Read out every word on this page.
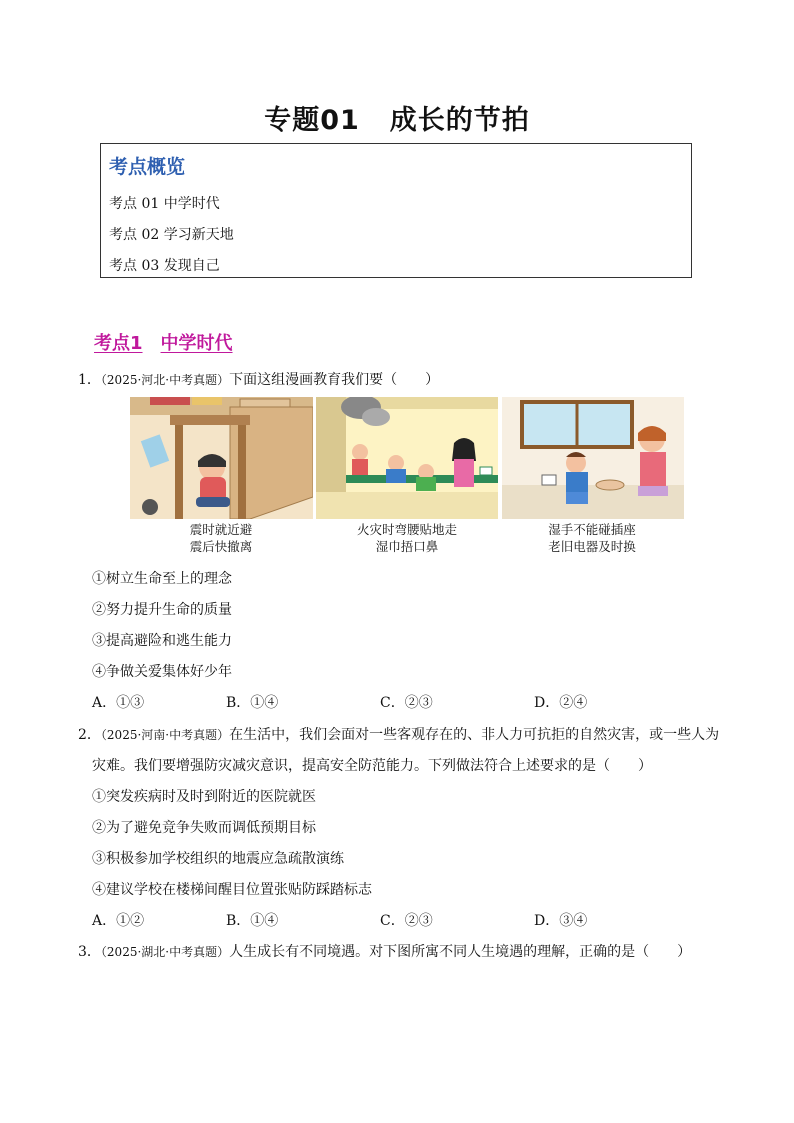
专题01 成长的节拍
考点概览
考点 01 中学时代
考点 02 学习新天地
考点 03 发现自己
考点1 中学时代
1．（2025·河北·中考真题）下面这组漫画教育我们要（　　）
震时就近避
震后快撤离
火灾时弯腰贴地走
湿巾捂口鼻
湿手不能碰插座
老旧电器及时换
①树立生命至上的理念
②努力提升生命的质量
③提高避险和逃生能力
④争做关爱集体好少年
A．①③	B．①④	C．②③	D．②④
2．（2025·河南·中考真题）在生活中，我们会面对一些客观存在的、非人力可抗拒的自然灾害，或一些人为
灾难。我们要增强防灾减灾意识，提高安全防范能力。下列做法符合上述要求的是（　　）
①突发疾病时及时到附近的医院就医
②为了避免竞争失败而调低预期目标
③积极参加学校组织的地震应急疏散演练
④建议学校在楼梯间醒目位置张贴防踩踏标志
A．①②	B．①④	C．②③	D．③④
3．（2025·湖北·中考真题）人生成长有不同境遇。对下图所寓不同人生境遇的理解，正确的是（　　）
